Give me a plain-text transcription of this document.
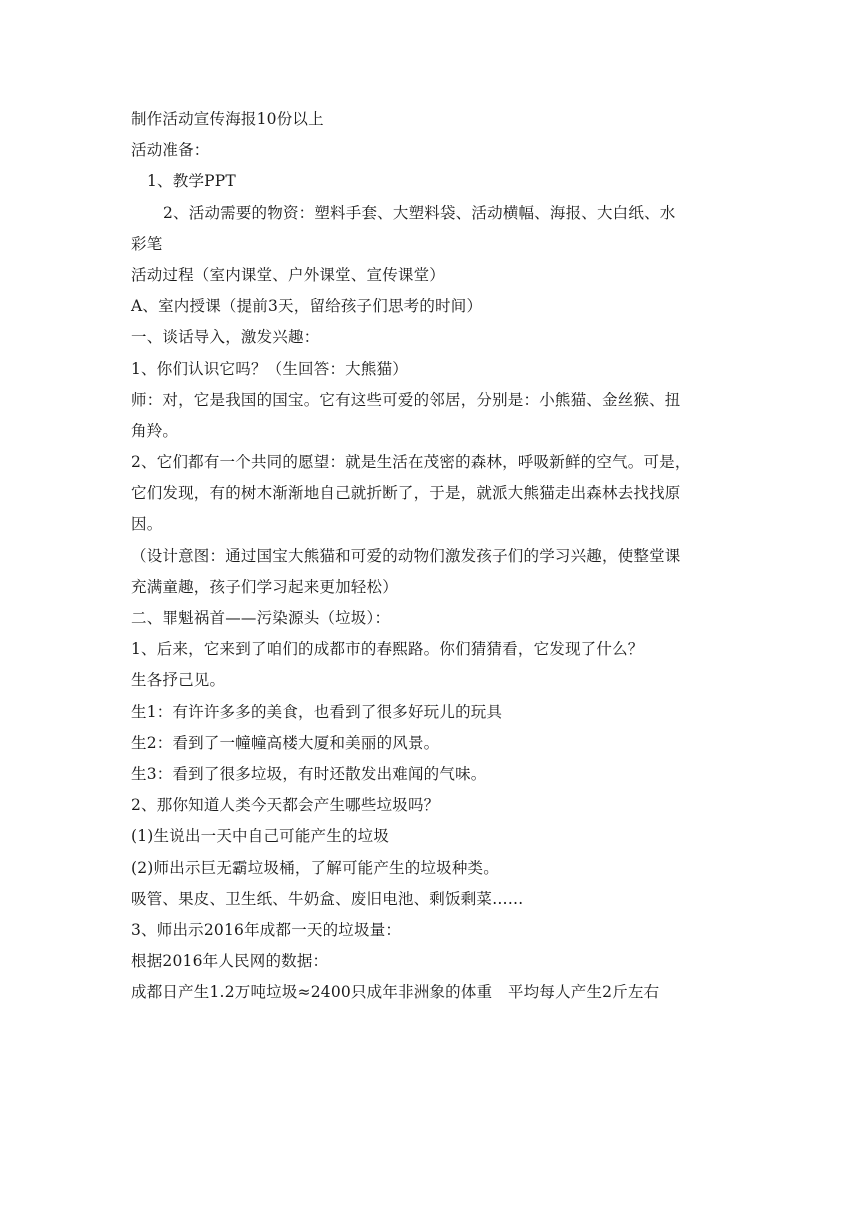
制作活动宣传海报10份以上
活动准备：
1、教学PPT
2、活动需要的物资：塑料手套、大塑料袋、活动横幅、海报、大白纸、水
彩笔
活动过程（室内课堂、户外课堂、宣传课堂）
A、室内授课（提前3天，留给孩子们思考的时间）
一、谈话导入，激发兴趣：
1、你们认识它吗？（生回答：大熊猫）
师：对，它是我国的国宝。它有这些可爱的邻居，分别是：小熊猫、金丝猴、扭
角羚。
2、它们都有一个共同的愿望：就是生活在茂密的森林，呼吸新鲜的空气。可是，
它们发现，有的树木渐渐地自己就折断了，于是，就派大熊猫走出森林去找找原
因。
（设计意图：通过国宝大熊猫和可爱的动物们激发孩子们的学习兴趣，使整堂课
充满童趣，孩子们学习起来更加轻松）
二、罪魁祸首——污染源头（垃圾）：
1、后来，它来到了咱们的成都市的春熙路。你们猜猜看，它发现了什么？
生各抒己见。
生1：有许许多多的美食，也看到了很多好玩儿的玩具
生2：看到了一幢幢高楼大厦和美丽的风景。
生3：看到了很多垃圾，有时还散发出难闻的气味。
2、那你知道人类今天都会产生哪些垃圾吗？
(1)生说出一天中自己可能产生的垃圾
(2)师出示巨无霸垃圾桶，了解可能产生的垃圾种类。
吸管、果皮、卫生纸、牛奶盒、废旧电池、剩饭剩菜……
3、师出示2016年成都一天的垃圾量：
根据2016年人民网的数据：
成都日产生1.2万吨垃圾≈2400只成年非洲象的体重　平均每人产生2斤左右
